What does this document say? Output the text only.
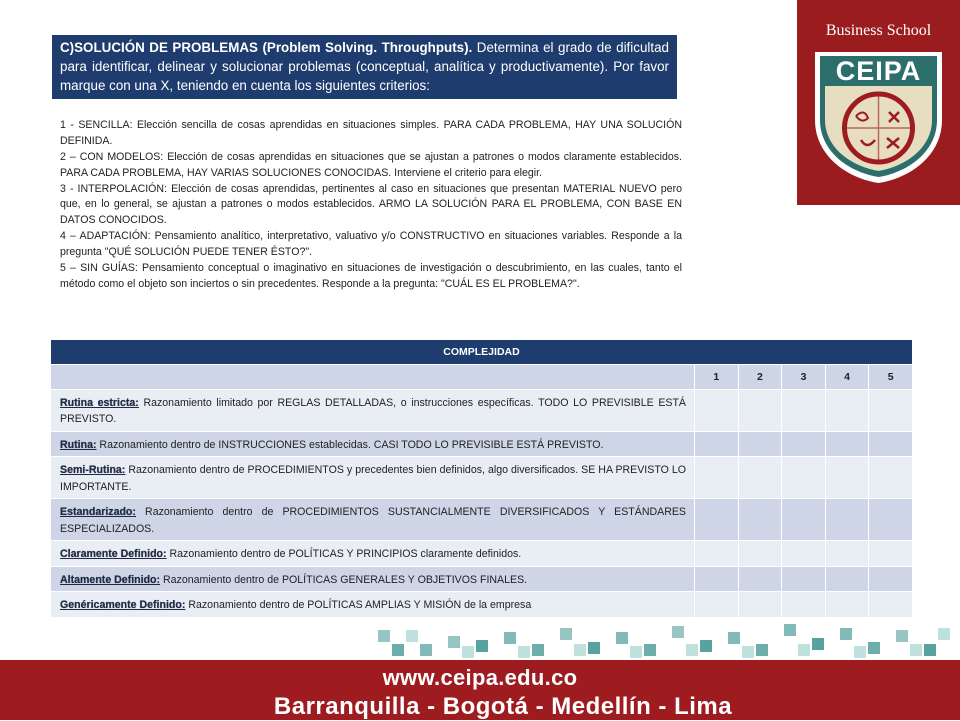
C)SOLUCIÓN DE PROBLEMAS (Problem Solving. Throughputs). Determina el grado de dificultad para identificar, delinear y solucionar problemas (conceptual, analítica y productivamente). Por favor marque con una X, teniendo en cuenta los siguientes criterios:

1 - SENCILLA: Elección sencilla de cosas aprendidas en situaciones simples. PARA CADA PROBLEMA, HAY UNA SOLUCIÓN DEFINIDA.

2 – CON MODELOS: Elección de cosas aprendidas en situaciones que se ajustan a patrones o modos claramente establecidos. PARA CADA PROBLEMA, HAY VARIAS SOLUCIONES CONOCIDAS. Interviene el criterio para elegir.

3 - INTERPOLACIÓN: Elección de cosas aprendidas, pertinentes al caso en situaciones que presentan MATERIAL NUEVO pero que, en lo general, se ajustan a patrones o modos establecidos. ARMO LA SOLUCIÓN PARA EL PROBLEMA, CON BASE EN DATOS CONOCIDOS.

4 – ADAPTACIÓN: Pensamiento analítico, interpretativo, valuativo y/o CONSTRUCTIVO en situaciones variables. Responde a la pregunta "QUÉ SOLUCIÓN PUEDE TENER ÉSTO?".

5 – SIN GUÍAS: Pensamiento conceptual o imaginativo en situaciones de investigación o descubrimiento, en las cuales, tanto el método como el objeto son inciertos o sin precedentes. Responde a la pregunta: "CUÁL ES EL PROBLEMA?".

Business School
CEIPA
COMPLEJIDAD					
	1	2	3	4	5
Rutina estricta: Razonamiento limitado por REGLAS DETALLADAS, o instrucciones específicas. TODO LO PREVISIBLE ESTÁ PREVISTO.					
Rutina: Razonamiento dentro de INSTRUCCIONES establecidas. CASI TODO LO PREVISIBLE ESTÁ PREVISTO.					
Semi-Rutina: Razonamiento dentro de PROCEDIMIENTOS y precedentes bien definidos, algo diversificados. SE HA PREVISTO LO IMPORTANTE.					
Estandarizado: Razonamiento dentro de PROCEDIMIENTOS SUSTANCIALMENTE DIVERSIFICADOS Y ESTÁNDARES ESPECIALIZADOS.					
Claramente Definido: Razonamiento dentro de POLÍTICAS Y PRINCIPIOS claramente definidos.					
Altamente Definido: Razonamiento dentro de POLÍTICAS GENERALES Y OBJETIVOS FINALES.					
Genéricamente Definido: Razonamiento dentro de POLÍTICAS AMPLIAS Y MISIÓN de la empresa					
www.ceipa.edu.co
Barranquilla - Bogotá - Medellín - Lima
